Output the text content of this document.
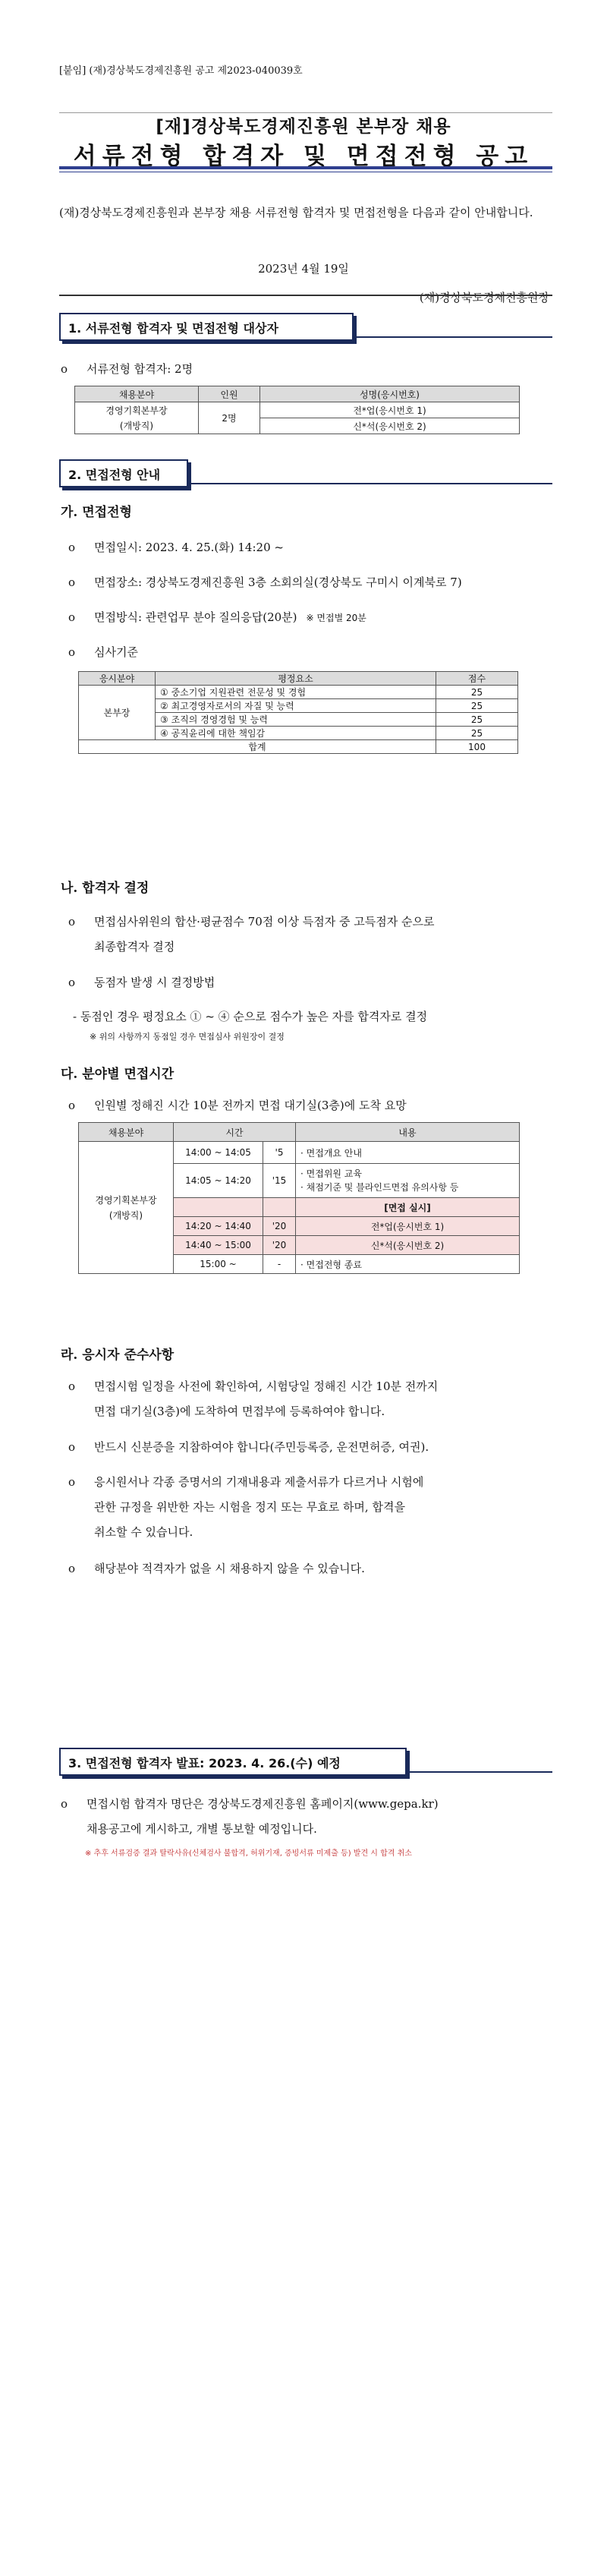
[붙임] (재)경상북도경제진흥원 공고 제2023-040039호
[재]경상북도경제진흥원 본부장 채용
서류전형 합격자 및 면접전형 공고
(재)경상북도경제진흥원과 본부장 채용 서류전형 합격자 및 면접전형을 다음과 같이 안내합니다.
2023년 4월 19일
(재)경상북도경제진흥원장
1. 서류전형 합격자 및 면접전형 대상자
o 서류전형 합격자: 2명
채용분야	인원	성명(응시번호)
경영기획본부장
(개방직)	2명	전*업(응시번호 1)
		신*석(응시번호 2)
2. 면접전형 안내
가. 면접전형
o 면접일시: 2023. 4. 25.(화) 14:20 ~
o 면접장소: 경상북도경제진흥원 3층 소회의실(경상북도 구미시 이계북로 7)
o 면접방식: 관련업무 분야 질의응답(20분) ※ 면접별 20분
o 심사기준
응시분야	평정요소	점수
본부장	① 중소기업 지원관련 전문성 및 경험	25
	② 최고경영자로서의 자질 및 능력	25
	③ 조직의 경영경험 및 능력	25
	④ 공직윤리에 대한 책임감	25
합계		100
나. 합격자 결정
o 면접심사위원의 합산·평균점수 70점 이상 득점자 중 고득점자 순으로
최종합격자 결정
o 동점자 발생 시 결정방법
- 동점인 경우 평정요소 ① ~ ④ 순으로 점수가 높은 자를 합격자로 결정
※ 위의 사항까지 동점일 경우 면접심사 위원장이 결정
다. 분야별 면접시간
o 인원별 정해진 시간 10분 전까지 면접 대기실(3층)에 도착 요망
채용분야	시간		내용
경영기획본부장
(개방직)	14:00 ~ 14:05	'5	· 면접개요 안내
	14:05 ~ 14:20	'15	· 면접위원 교육
· 채점기준 및 블라인드면접 유의사항 등
			[면접 실시]
	14:20 ~ 14:40	'20	전*업(응시번호 1)
	14:40 ~ 15:00	'20	신*석(응시번호 2)
	15:00 ~	-	· 면접전형 종료
라. 응시자 준수사항
o 면접시험 일정을 사전에 확인하여, 시험당일 정해진 시간 10분 전까지
면접 대기실(3층)에 도착하여 면접부에 등록하여야 합니다.
o 반드시 신분증을 지참하여야 합니다(주민등록증, 운전면허증, 여권).
o 응시원서나 각종 증명서의 기재내용과 제출서류가 다르거나 시험에
관한 규정을 위반한 자는 시험을 정지 또는 무효로 하며, 합격을
취소할 수 있습니다.
o 해당분야 적격자가 없을 시 채용하지 않을 수 있습니다.
3. 면접전형 합격자 발표: 2023. 4. 26.(수) 예정
o 면접시험 합격자 명단은 경상북도경제진흥원 홈페이지(www.gepa.kr)
채용공고에 게시하고, 개별 통보할 예정입니다.
※ 추후 서류검증 결과 탈락사유(신체검사 불합격, 허위기재, 증빙서류 미제출 등) 발견 시 합격 취소
